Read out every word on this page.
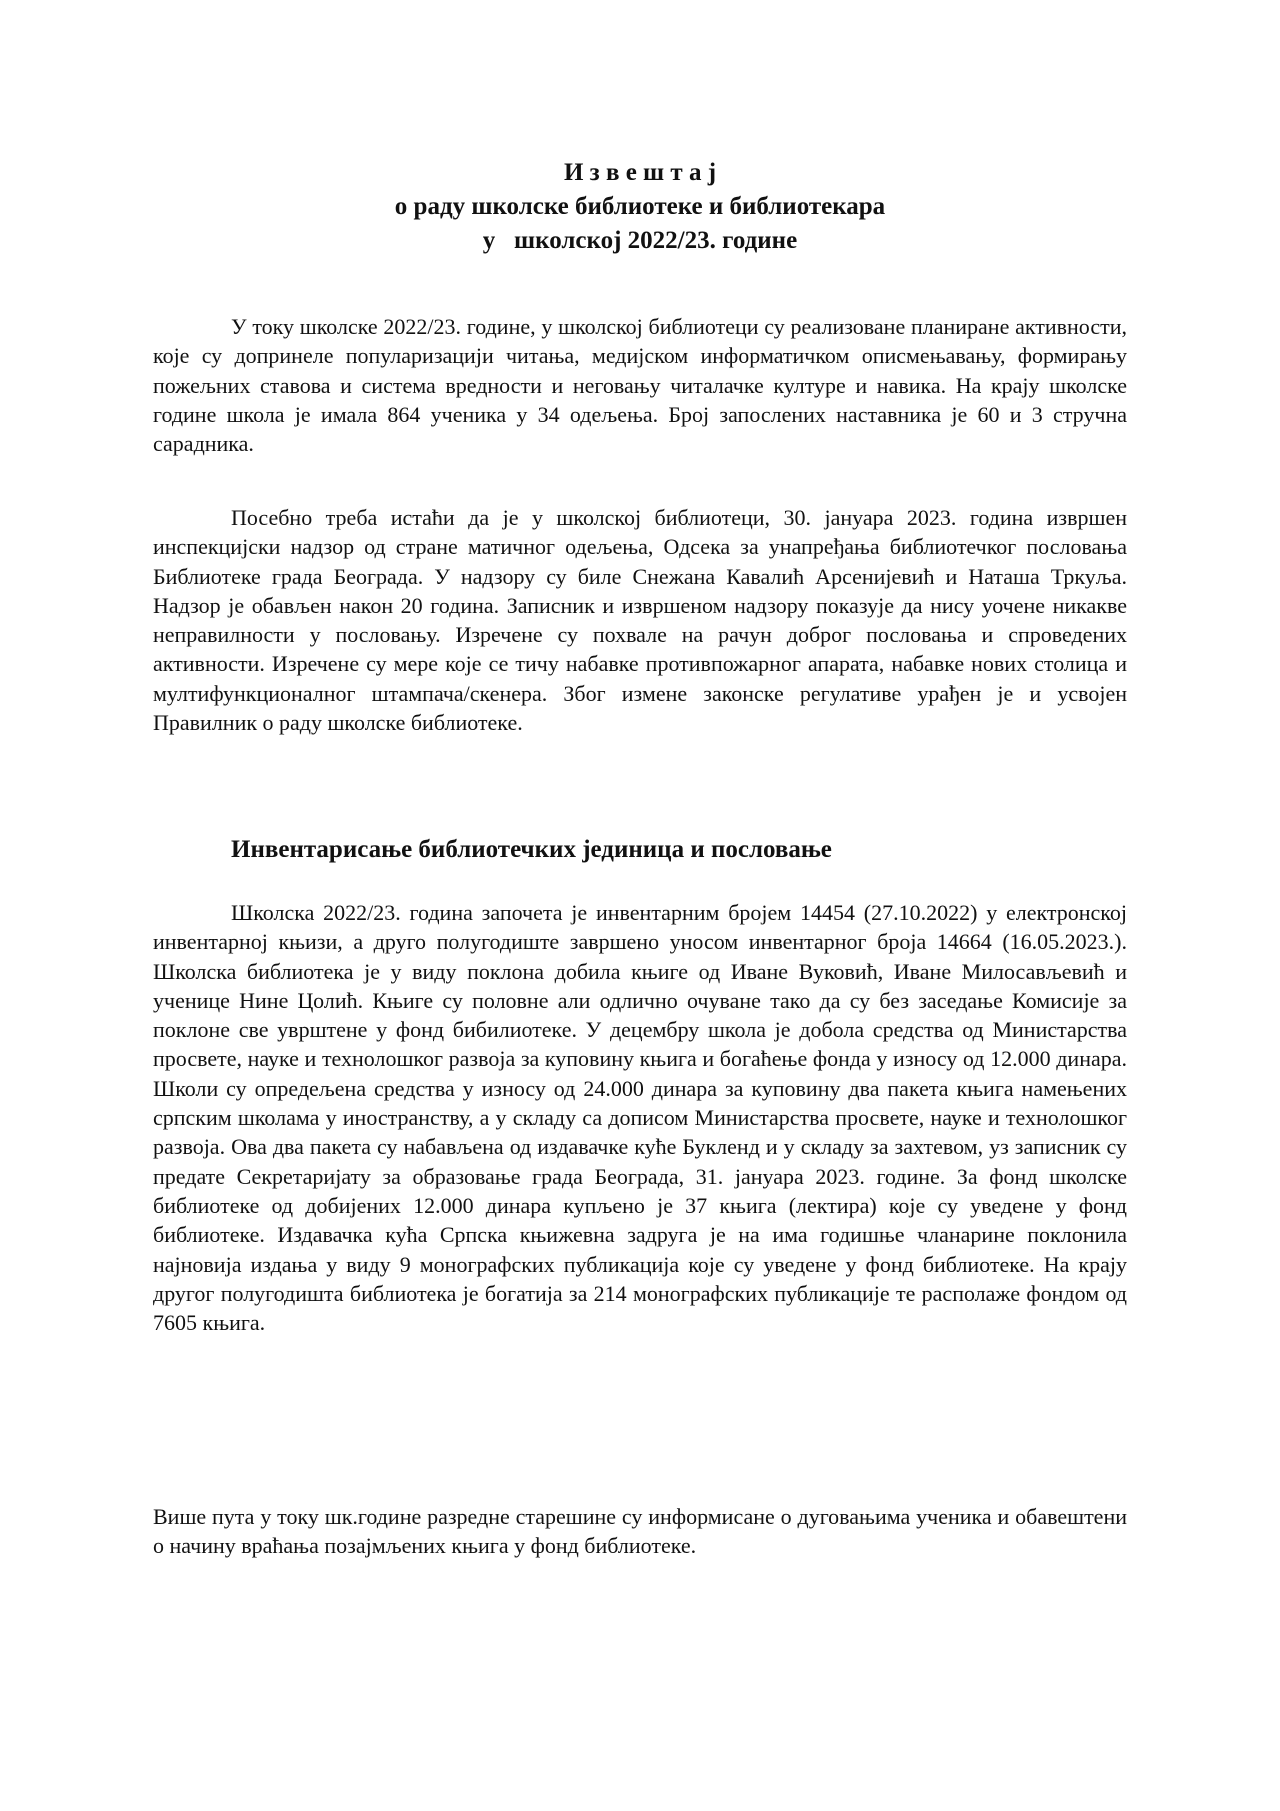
И з в е ш т а ј
о раду школске библиотеке и библиотекара
у   школској 2022/23. године

У току школске 2022/23. године, у школској библиотеци су реализоване планиране активности, које су допринеле популаризацији читања, медијском информатичком описмењавању, формирању пожељних ставова и система вредности и неговању читалачке културе и навика. На крају школске године школа је имала 864 ученика у 34 одељења. Број запослених наставника је 60 и 3 стручна сарадника.

Посебно треба истаћи да је у школској библиотеци, 30. јануара 2023. година извршен инспекцијски надзор од стране матичног одељења, Одсека за унапређања библиотечког пословања Библиотеке града Београда. У надзору су биле Снежана Кавалић Арсенијевић и Наташа Тркуља. Надзор је обављен након 20 година. Записник и извршеном надзору показује да нису уочене никакве неправилности у пословању. Изречене су похвале на рачун доброг пословања и спроведених активности. Изречене су мере које се тичу набавке противпожарног апарата, набавке нових столица и мултифункционалног штампача/скенера. Због измене законске регулативе урађен је и усвојен Правилник о раду школске библиотеке.

Инвентарисање библиотечких јединица и пословање

Школска 2022/23. година започета је инвентарним бројем 14454 (27.10.2022) у електронској инвентарној књизи, а друго полугодиште завршено уносом инвентарног броја 14664 (16.05.2023.). Школска библиотека је у виду поклона добила књиге од Иване Вуковић, Иване Милосављевић и ученице Нине Цолић. Књиге су половне али одлично очуване тако да су без заседање Комисије за поклоне све уврштене у фонд бибилиотеке. У децембру школа је добола средства од Министарства просвете, науке и технолошког развоја за куповину књига и богаћење фонда у износу од 12.000 динара. Школи су опредељена средства у износу од 24.000 динара за куповину два пакета књига намењених српским школама у иностранству, а у складу са дописом Министарства просвете, науке и технолошког развоја. Ова два пакета су набављена од издавачке куће Букленд и у складу за захтевом, уз записник су предате Секретаријату за образовање града Београда, 31. јануара 2023. године. За фонд школске библиотеке од добијених 12.000 динара купљено је 37 књига (лектира) које су уведене у фонд библиотеке. Издавачка кућа Српска књижевна задруга је на има годишње чланарине поклонила најновија издања у виду 9 монографских публикација које су уведене у фонд библиотеке. На крају другог полугодишта библиотека је богатија за 214 монографских публикације те располаже фондом од 7605 књига.

Више пута у току шк.године разредне старешине су информисане о дуговањима ученика и обавештени о начину враћања позајмљених књига у фонд библиотеке.
